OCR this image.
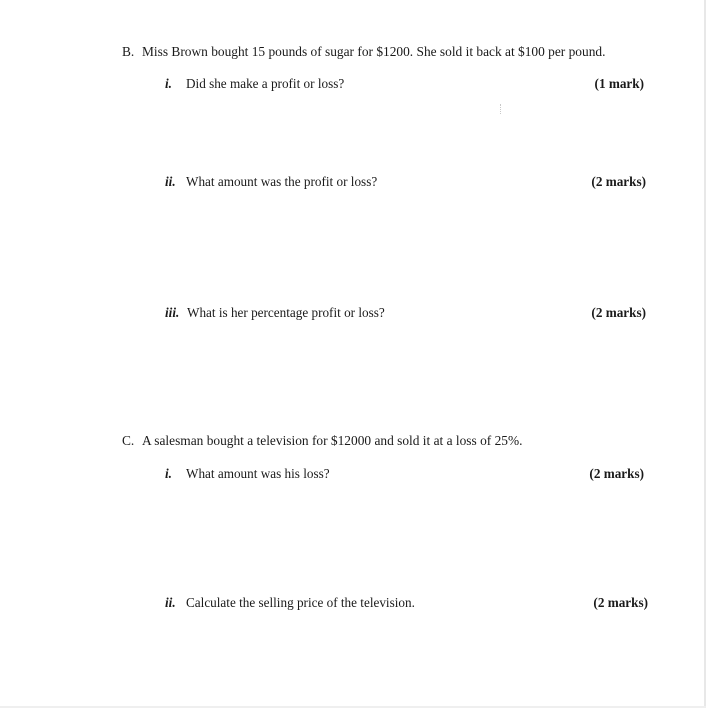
B. Miss Brown bought 15 pounds of sugar for $1200. She sold it back at $100 per pound.
i. Did she make a profit or loss?	(1 mark)
ii. What amount was the profit or loss?	(2 marks)
iii. What is her percentage profit or loss?	(2 marks)
C. A salesman bought a television for $12000 and sold it at a loss of 25%.
i. What amount was his loss?	(2 marks)
ii. Calculate the selling price of the television.	(2 marks)
